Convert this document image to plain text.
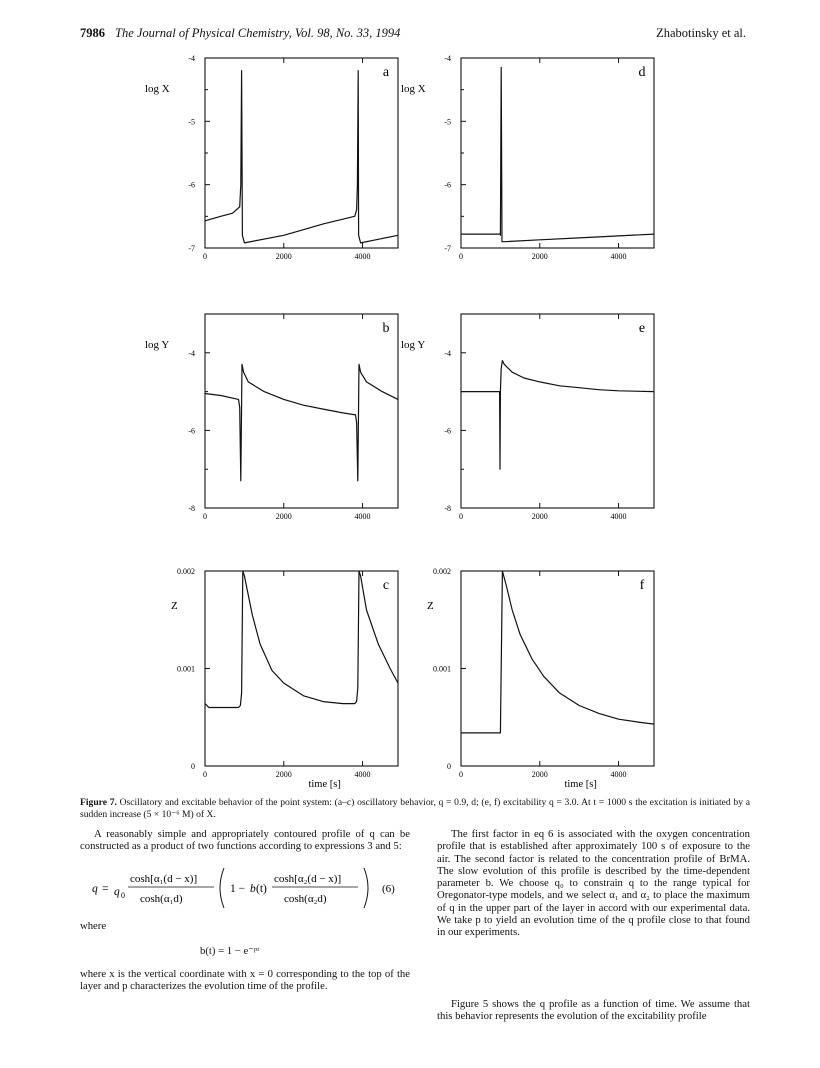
7986 The Journal of Physical Chemistry, Vol. 98, No. 33, 1994	Zhabotinsky et al.
0	2000	4000
-4
-5
-6
-7
log X
a
0	2000	4000
-4
-5
-6
-7
log X
d
0	2000	4000
-4
-6
-8
log Y
b
0	2000	4000
-4
-6
-8
log Y
e
0	2000	4000
0.002
0.001
0
Z
c
time [s]
0	2000	4000
0.002
0.001
0
Z
f
time [s]
Figure 7. Oscillatory and excitable behavior of the point system: (a–c) oscillatory behavior, q = 0.9, d; (e, f) excitability q = 3.0. At t = 1000 s the excitation is initiated by a sudden increase (5 × 10⁻⁶ M) of X.
A reasonably simple and appropriately contoured profile of q can be constructed as a product of two functions according to expressions 3 and 5:
q = q 0
cosh[α₁(d − x)]
cosh(α₁d)
1 − b (t)
cosh[α₂(d − x)]
cosh(α₂d)
(6)
where
b(t) = 1 − e⁻ᵖᵗ
where x is the vertical coordinate with x = 0 corresponding to the top of the layer and p characterizes the evolution time of the profile.
The first factor in eq 6 is associated with the oxygen concentration profile that is established after approximately 100 s of exposure to the air. The second factor is related to the concentration profile of BrMA. The slow evolution of this profile is described by the time-dependent parameter b. We choose q₀ to constrain q to the range typical for Oregonator-type models, and we select α₁ and α₂ to place the maximum of q in the upper part of the layer in accord with our experimental data. We take p to yield an evolution time of the q profile close to that found in our experiments.
Figure 5 shows the q profile as a function of time. We assume that this behavior represents the evolution of the excitability profile
